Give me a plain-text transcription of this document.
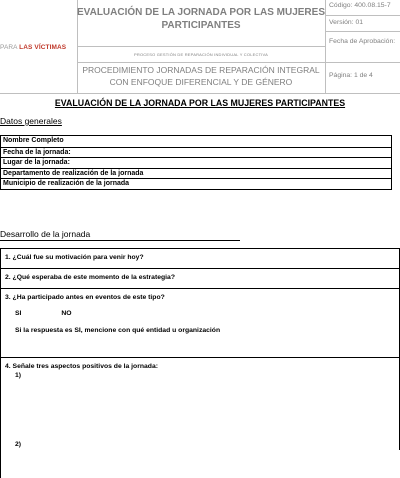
PARA LAS VÍCTIMAS
EVALUACIÓN DE LA JORNADA POR LAS MUJERES PARTICIPANTES
PROCESO GESTIÓN DE REPARACIÓN INDIVIDUAL Y COLECTIVA
PROCEDIMIENTO JORNADAS DE REPARACIÓN INTEGRAL CON ENFOQUE DIFERENCIAL Y DE GÉNERO
Código: 400.08.15-7
Versión: 01
Fecha de Aprobación:
Página: 1 de 4
EVALUACIÓN DE LA JORNADA POR LAS MUJERES PARTICIPANTES
Datos generales
Nombre Completo
Fecha de la jornada:
Lugar de la jornada:
Departamento de realización de la jornada
Municipio de realización de la jornada
Desarrollo de la jornada
1. ¿Cuál fue su motivación para venir hoy?
2. ¿Qué esperaba de este momento de la estrategia?
3. ¿Ha participado antes en eventos de este tipo?
SI	NO
Si la respuesta es SI, mencione con qué entidad u organización
4. Señale tres aspectos positivos de la jornada:
1)
2)
